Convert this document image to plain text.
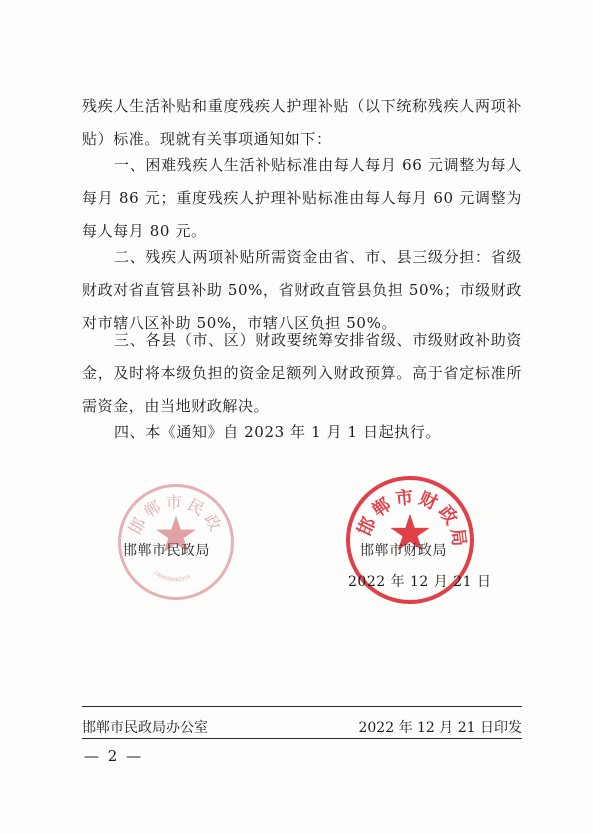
残疾人生活补贴和重度残疾人护理补贴（以下统称残疾人两项补贴）标准。现就有关事项通知如下：

一、困难残疾人生活补贴标准由每人每月 66 元调整为每人每月 86 元；重度残疾人护理补贴标准由每人每月 60 元调整为每人每月 80 元。

二、残疾人两项补贴所需资金由省、市、县三级分担：省级财政对省直管县补助 50%，省财政直管县负担 50%；市级财政对市辖八区补助 50%，市辖八区负担 50%。

三、各县（市、区）财政要统筹安排省级、市级财政补助资金，及时将本级负担的资金足额列入财政预算。高于省定标准所需资金，由当地财政解决。

四、本《通知》自 2023 年 1 月 1 日起执行。

邯郸市民政局
1304030062314
邯郸市财政局
邯郸市民政局	邯郸市财政局
2022 年 12 月 21 日
邯郸市民政局办公室	2022 年 12 月 21 日印发
— 2 —
